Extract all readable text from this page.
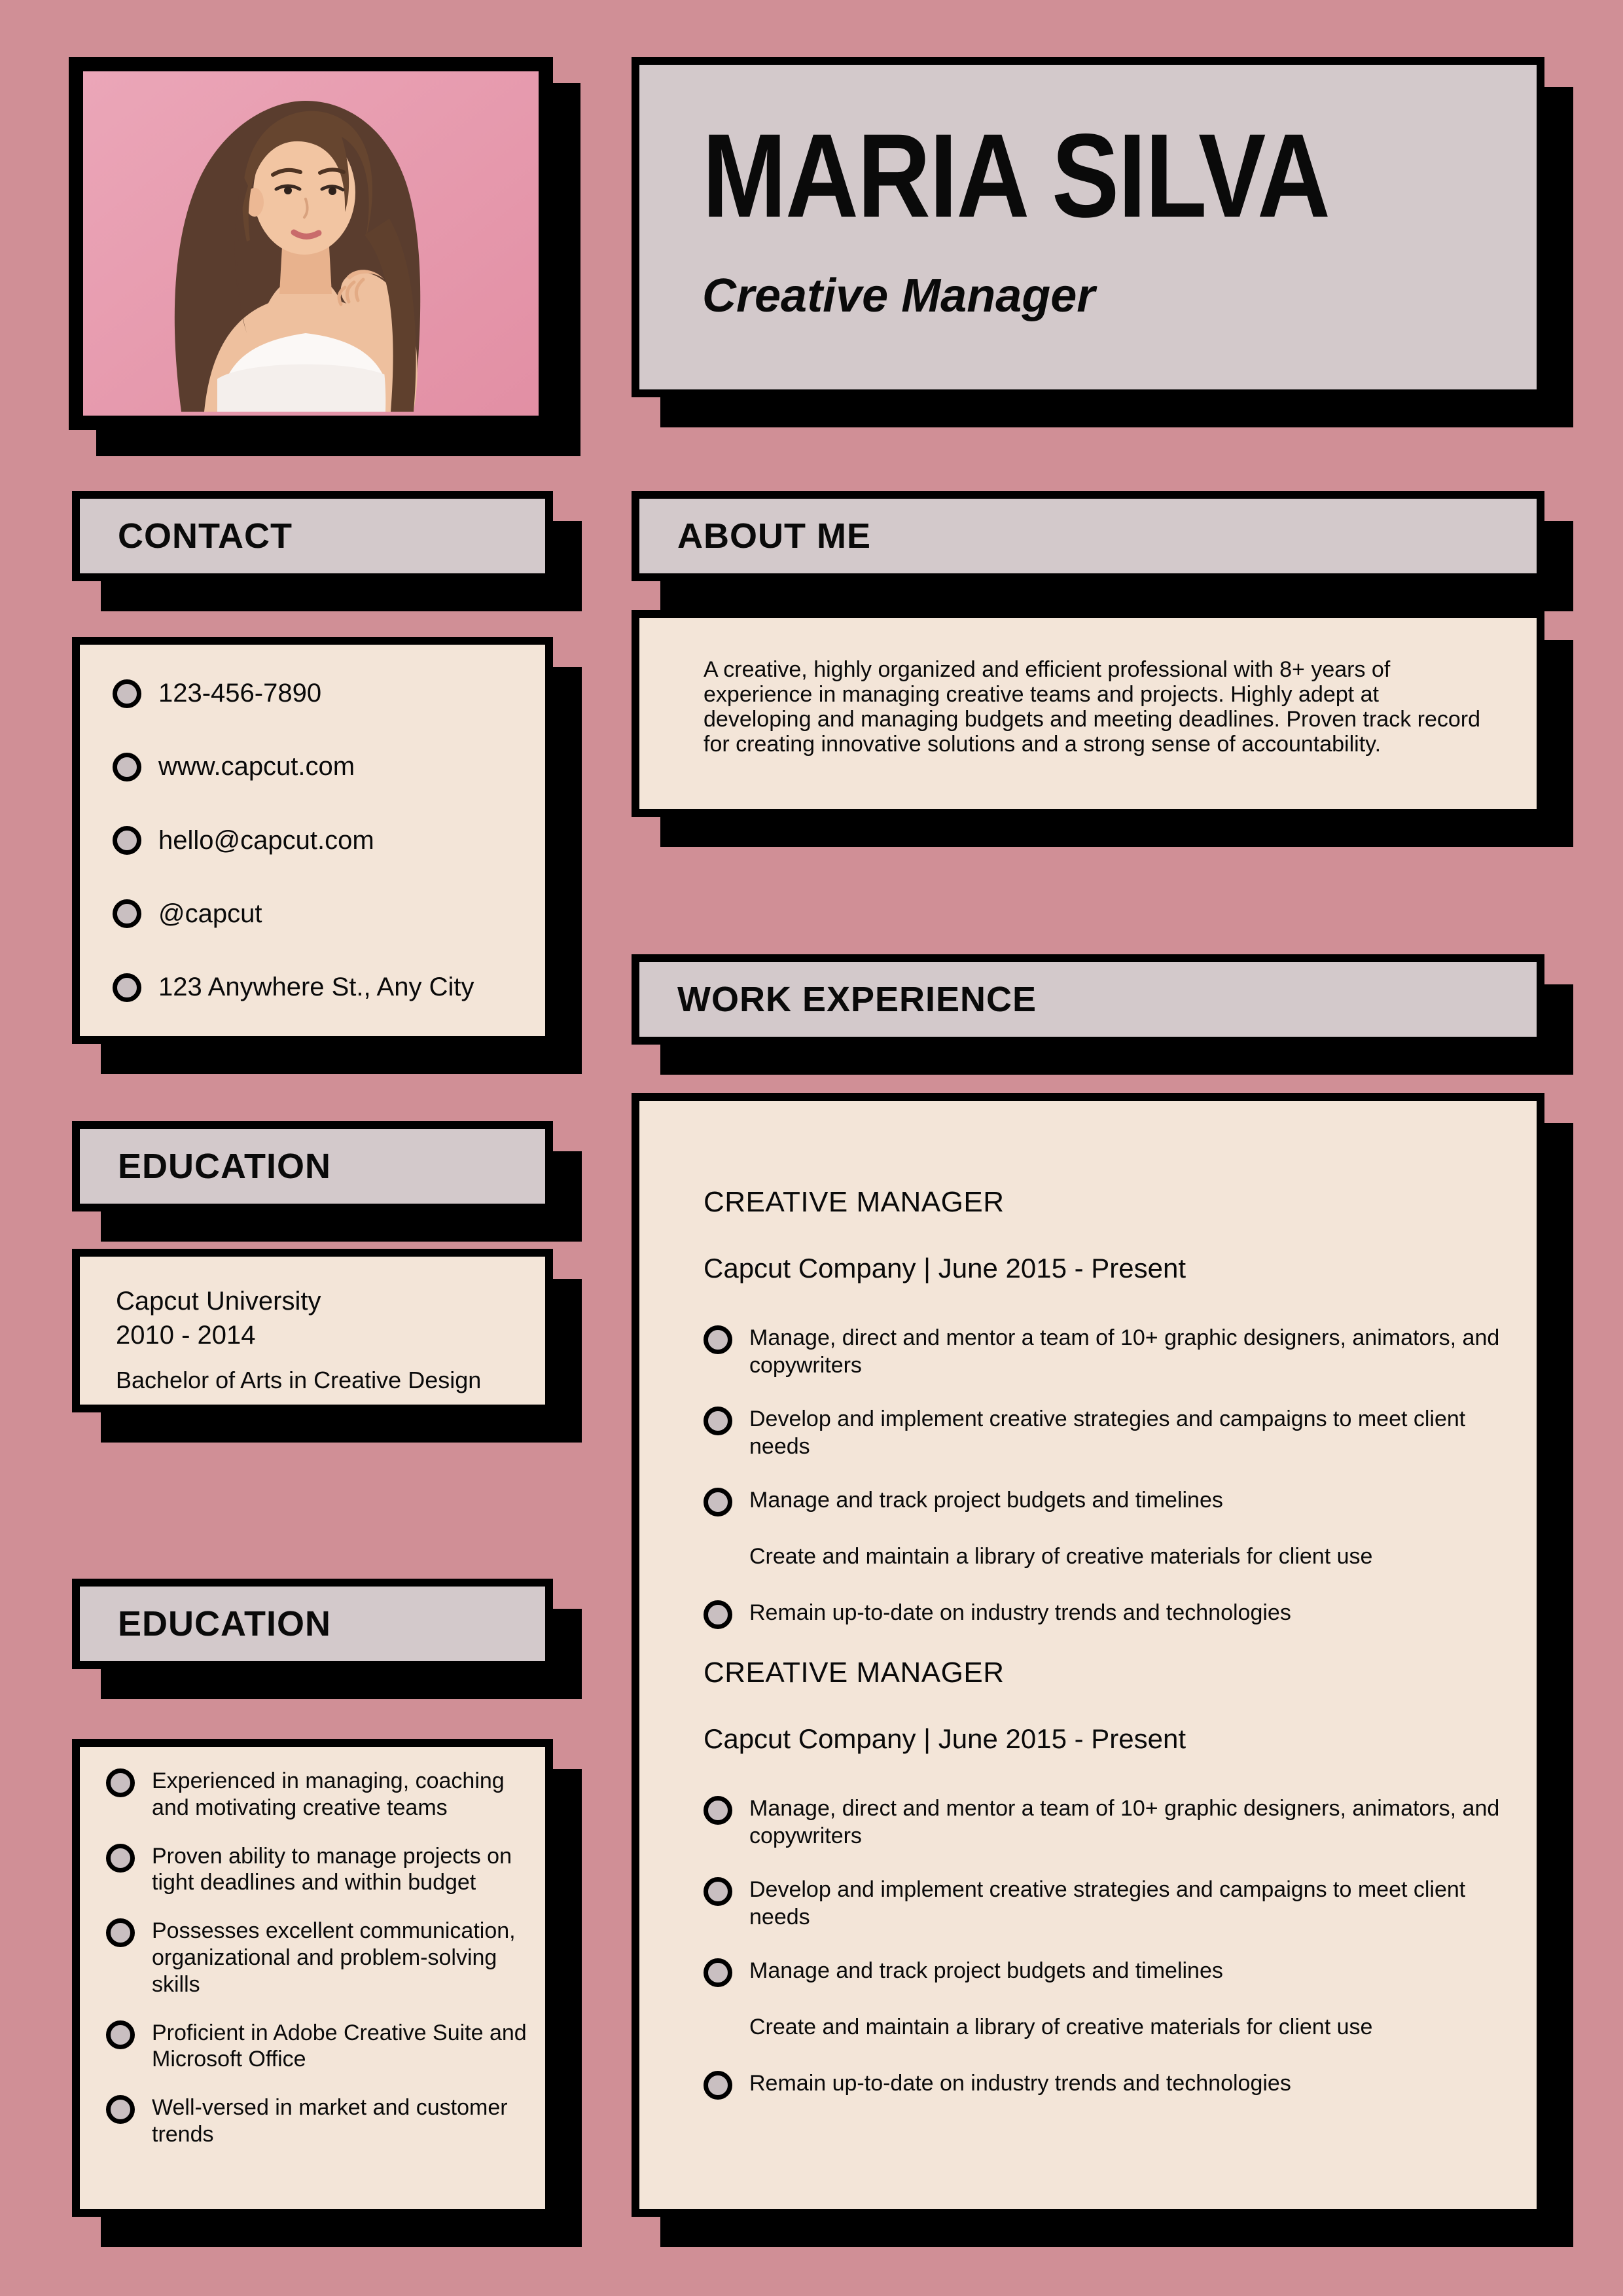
MARIA SILVA
Creative Manager
CONTACT
123-456-7890
www.capcut.com
hello@capcut.com
@capcut
123 Anywhere St., Any City
EDUCATION
Capcut University
2010 - 2014
Bachelor of Arts in Creative Design
EDUCATION
Experienced in managing, coaching and motivating creative teams
Proven ability to manage projects on tight deadlines and within budget
Possesses excellent communication, organizational and problem-solving skills
Proficient in Adobe Creative Suite and Microsoft Office
Well-versed in market and customer trends
ABOUT ME
A creative, highly organized and efficient professional with 8+ years of experience in managing creative teams and projects. Highly adept at developing and managing budgets and meeting deadlines. Proven track record for creating innovative solutions and a strong sense of accountability.
WORK EXPERIENCE
CREATIVE MANAGER
Capcut Company | June 2015 - Present
Manage, direct and mentor a team of 10+ graphic designers, animators, and copywriters
Develop and implement creative strategies and campaigns to meet client needs
Manage and track project budgets and timelines
Create and maintain a library of creative materials for client use
Remain up-to-date on industry trends and technologies
CREATIVE MANAGER
Capcut Company | June 2015 - Present
Manage, direct and mentor a team of 10+ graphic designers, animators, and copywriters
Develop and implement creative strategies and campaigns to meet client needs
Manage and track project budgets and timelines
Create and maintain a library of creative materials for client use
Remain up-to-date on industry trends and technologies
